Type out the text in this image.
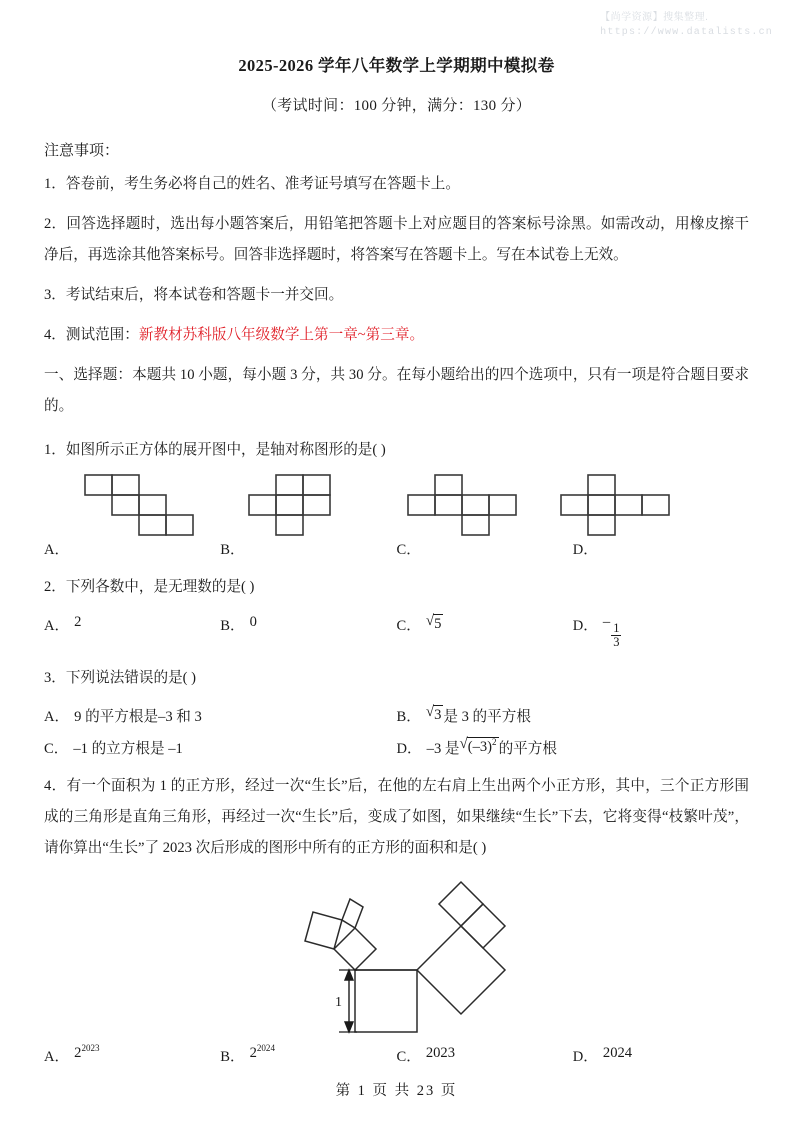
【尚学资源】搜集整理.
https://www.datalists.cn
2025-2026 学年八年数学上学期期中模拟卷
（考试时间：100 分钟，满分：130 分）
注意事项：

1．答卷前，考生务必将自己的姓名、准考证号填写在答题卡上。

2．回答选择题时，选出每小题答案后，用铅笔把答题卡上对应题目的答案标号涂黑。如需改动，用橡皮擦干净后，再选涂其他答案标号。回答非选择题时，将答案写在答题卡上。写在本试卷上无效。

3．考试结束后，将本试卷和答题卡一并交回。

4．测试范围：新教材苏科版八年级数学上第一章~第三章。

一、选择题：本题共 10 小题，每小题 3 分，共 30 分。在每小题给出的四个选项中，只有一项是符合题目要求的。

1．如图所示正方体的展开图中，是轴对称图形的是( )

A．	B．	C．	D．

2．下列各数中，是无理数的是( )

A． 2	B． 0	C． √ 5	D． – $\frac{1}{3}$

3．下列说法错误的是( )

A． 9 的平方根是 –3 和 3	B． √ 3 是 3 的平方根
C． –1 的立方根是 –1	D． –3 是 √ $(-3)^2$ 的平方根

4．有一个面积为 1 的正方形，经过一次“生长”后，在他的左右肩上生出两个小正方形，其中，三个正方形围成的三角形是直角三角形，再经过一次“生长”后，变成了如图，如果继续“生长”下去，它将变得“枝繁叶茂”，请你算出“生长”了 2023 次后形成的图形中所有的正方形的面积和是( )

1
A． $2^{2023}$
B． $2^{2024}$
C． 2023	D． 2024
第 1 页 共 23 页
